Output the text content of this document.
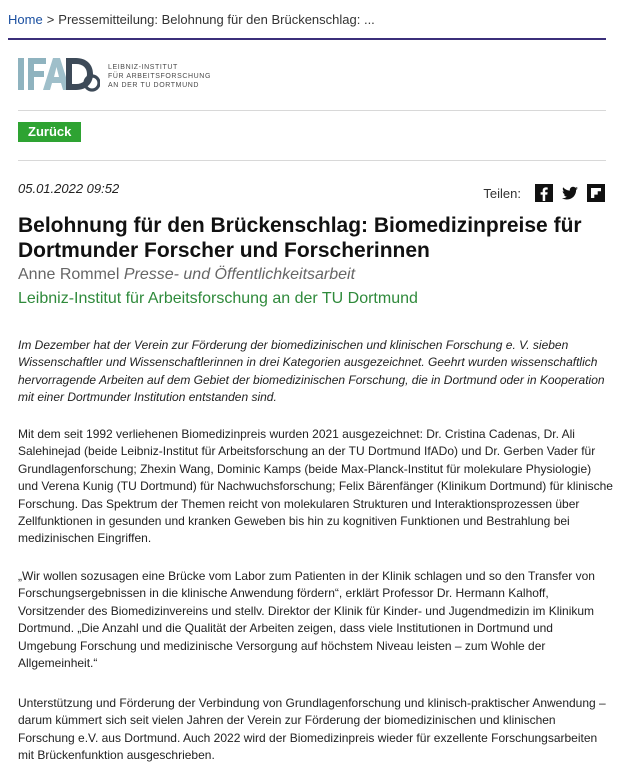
Home > Pressemitteilung: Belohnung für den Brückenschlag: ...
LEIBNIZ-INSTITUT
FÜR ARBEITSFORSCHUNG
AN DER TU DORTMUND
Zurück
05.01.2022 09:52	Teilen:
Belohnung für den Brückenschlag: Biomedizinpreise für Dortmunder Forscher und Forscherinnen
Anne Rommel Presse- und Öffentlichkeitsarbeit
Leibniz-Institut für Arbeitsforschung an der TU Dortmund

Im Dezember hat der Verein zur Förderung der biomedizinischen und klinischen Forschung e. V. sieben Wissenschaftler und Wissenschaftlerinnen in drei Kategorien ausgezeichnet. Geehrt wurden wissenschaftlich hervorragende Arbeiten auf dem Gebiet der biomedizinischen Forschung, die in Dortmund oder in Kooperation mit einer Dortmunder Institution entstanden sind.

Mit dem seit 1992 verliehenen Biomedizinpreis wurden 2021 ausgezeichnet: Dr. Cristina Cadenas, Dr. Ali Salehinejad (beide Leibniz-Institut für Arbeitsforschung an der TU Dortmund IfADo) und Dr. Gerben Vader für Grundlagenforschung; Zhexin Wang, Dominic Kamps (beide Max-Planck-Institut für molekulare Physiologie) und Verena Kunig (TU Dortmund) für Nachwuchsforschung; Felix Bärenfänger (Klinikum Dortmund) für klinische Forschung. Das Spektrum der Themen reicht von molekularen Strukturen und Interaktionsprozessen über Zellfunktionen in gesunden und kranken Geweben bis hin zu kognitiven Funktionen und Bestrahlung bei medizinischen Eingriffen.

„Wir wollen sozusagen eine Brücke vom Labor zum Patienten in der Klinik schlagen und so den Transfer von Forschungsergebnissen in die klinische Anwendung fördern“, erklärt Professor Dr. Hermann Kalhoff, Vorsitzender des Biomedizinvereins und stellv. Direktor der Klinik für Kinder- und Jugendmedizin im Klinikum Dortmund. „Die Anzahl und die Qualität der Arbeiten zeigen, dass viele Institutionen in Dortmund und Umgebung Forschung und medizinische Versorgung auf höchstem Niveau leisten – zum Wohle der Allgemeinheit.“

Unterstützung und Förderung der Verbindung von Grundlagenforschung und klinisch-praktischer Anwendung – darum kümmert sich seit vielen Jahren der Verein zur Förderung der biomedizinischen und klinischen Forschung e.V. aus Dortmund. Auch 2022 wird der Biomedizinpreis wieder für exzellente Forschungsarbeiten mit Brückenfunktion ausgeschrieben.
